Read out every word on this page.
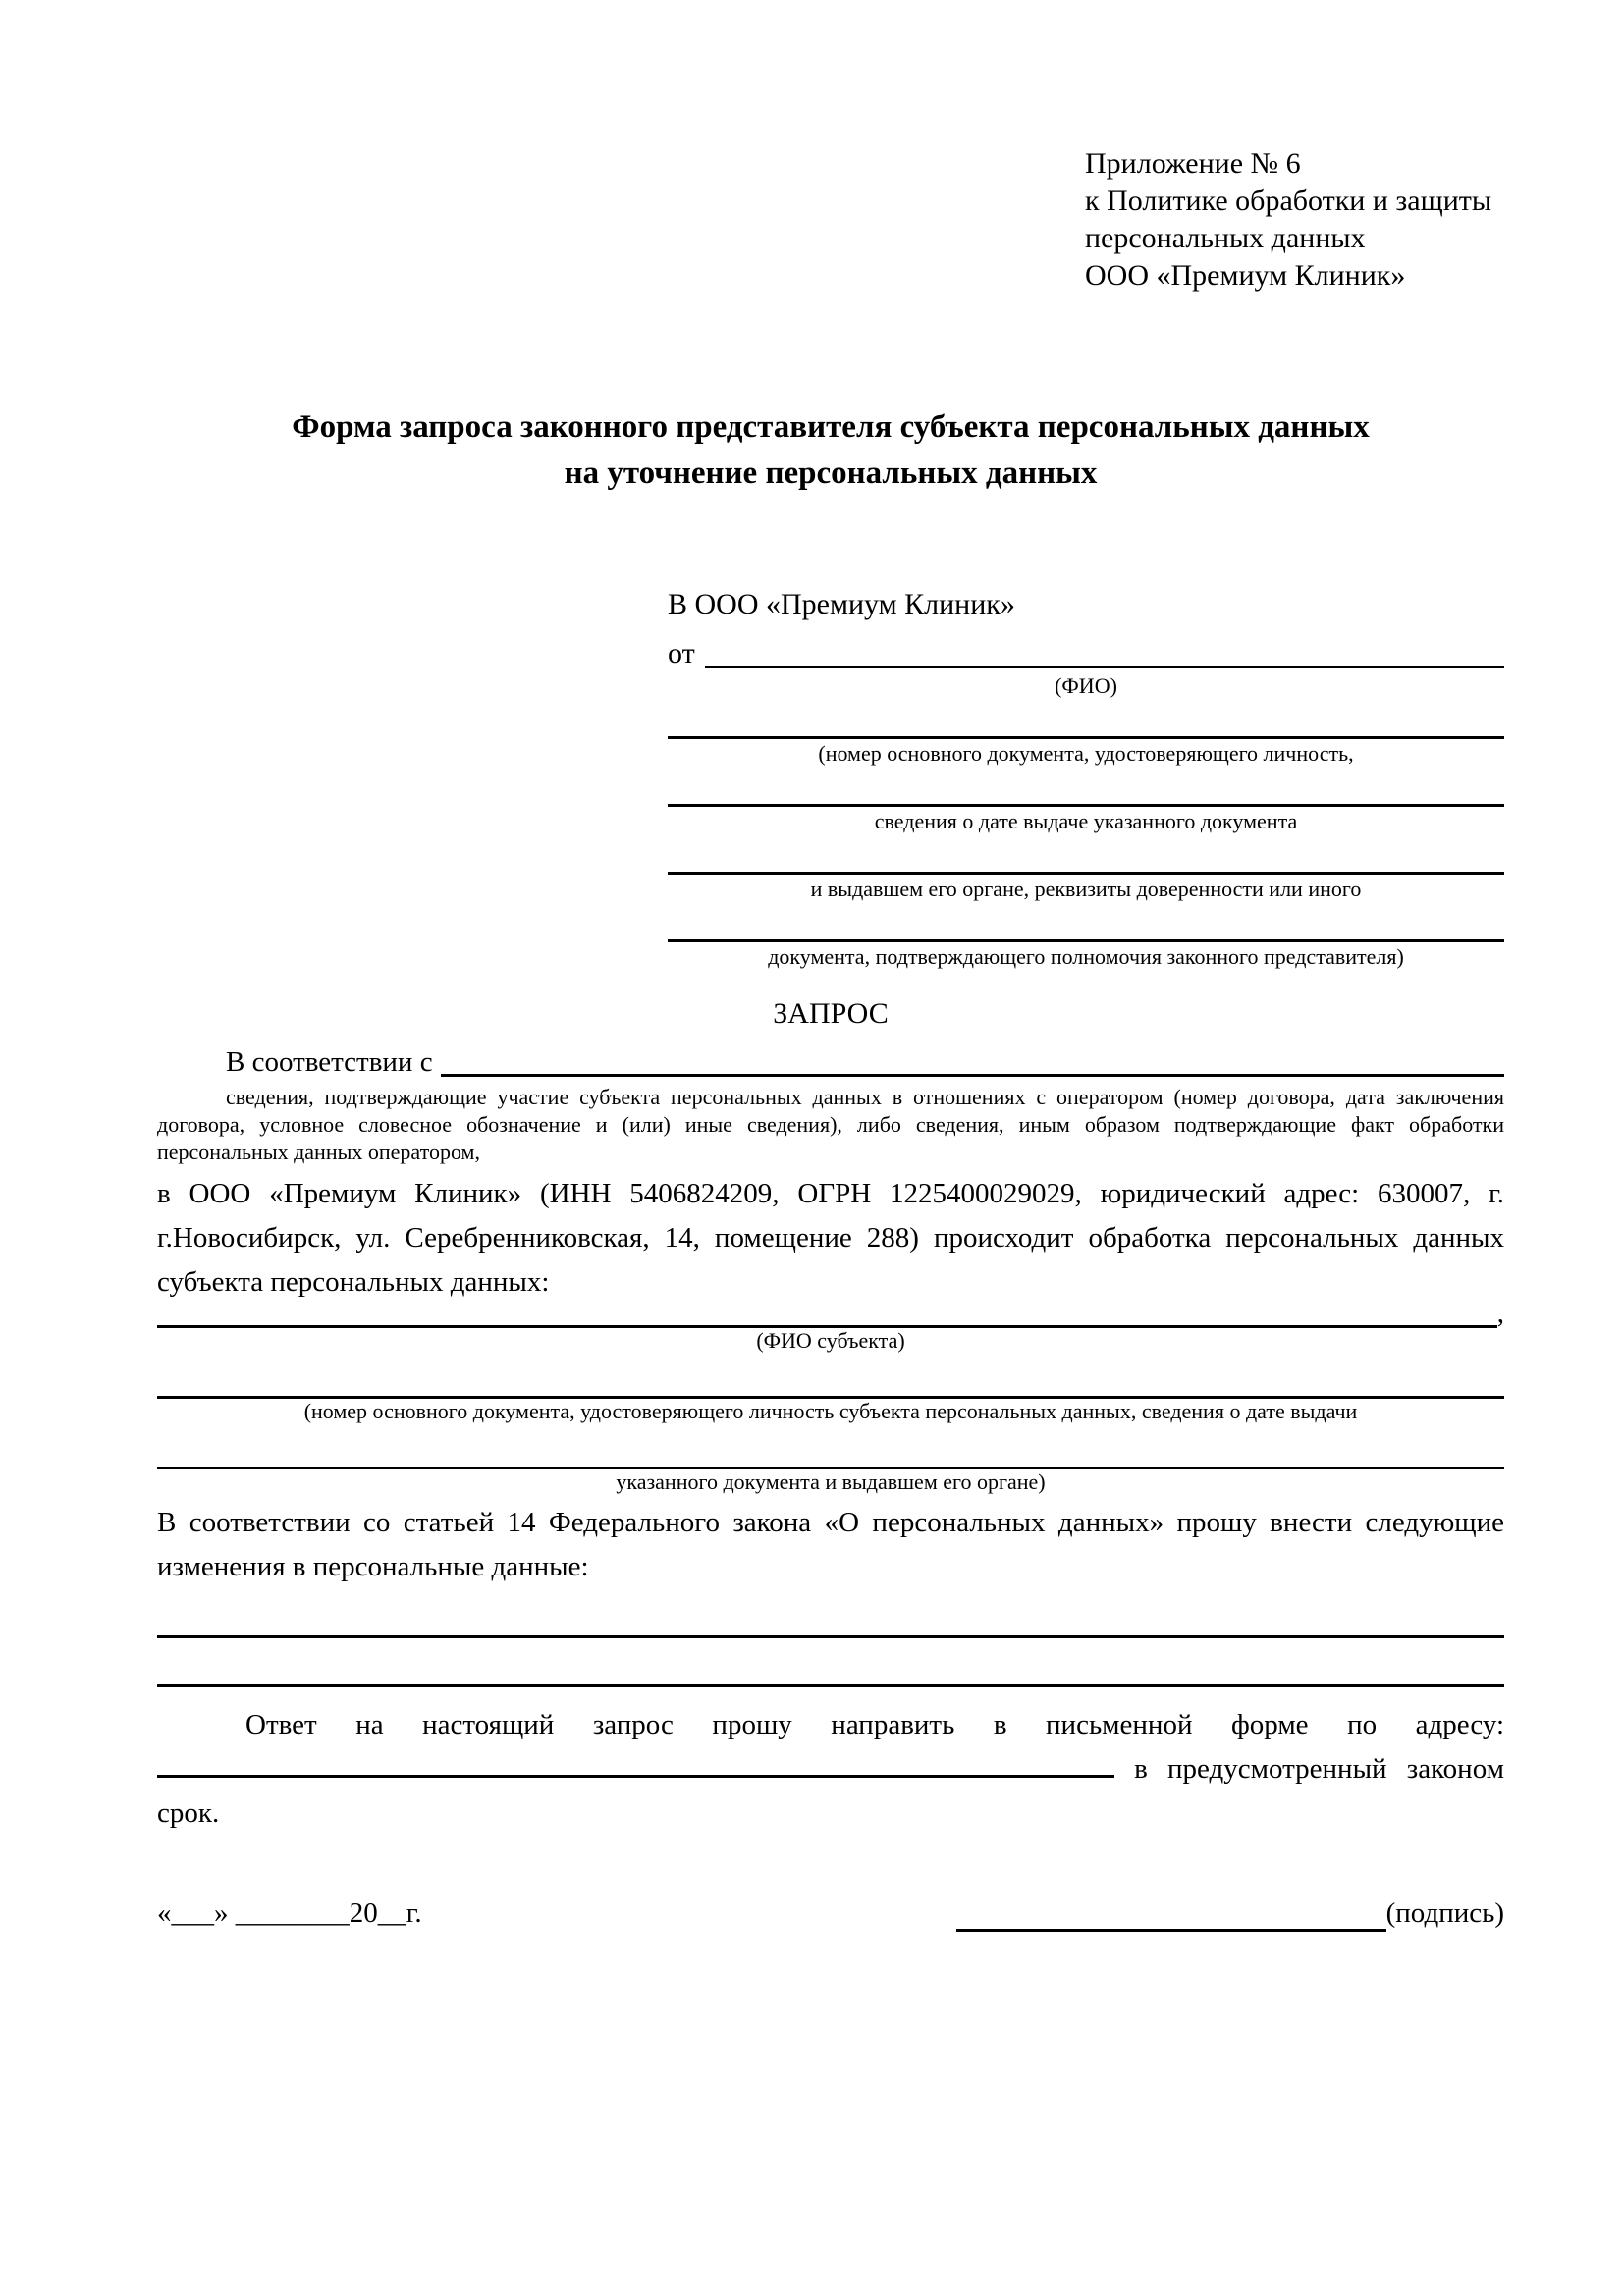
Приложение № 6
к Политике обработки и защиты
персональных данных
ООО «Премиум Клиник»
Форма запроса законного представителя субъекта персональных данных
на уточнение персональных данных
В ООО «Премиум Клиник»
от
(ФИО)
(номер основного документа, удостоверяющего личность,
сведения о дате выдаче указанного документа
и выдавшем его органе, реквизиты доверенности или иного
документа, подтверждающего полномочия законного представителя)
ЗАПРОС
В соответствии с

сведения, подтверждающие участие субъекта персональных данных в отношениях с оператором (номер договора, дата заключения договора, условное словесное обозначение и (или) иные сведения), либо сведения, иным образом подтверждающие факт обработки персональных данных оператором,

в ООО «Премиум Клиник» (ИНН 5406824209, ОГРН 1225400029029, юридический адрес: 630007, г. г.Новосибирск, ул. Серебренниковская, 14, помещение 288) происходит обработка персональных данных субъекта персональных данных:

,
(ФИО субъекта)
(номер основного документа, удостоверяющего личность субъекта персональных данных, сведения о дате выдачи
указанного документа и выдавшем его органе)

В соответствии со статьей 14 Федерального закона «О персональных данных» прошу внести следующие изменения в персональные данные:

Ответ на настоящий запрос прошу направить в письменной форме по адресу:  в предусмотренный законом срок.

«___» ________20__г.	(подпись)
